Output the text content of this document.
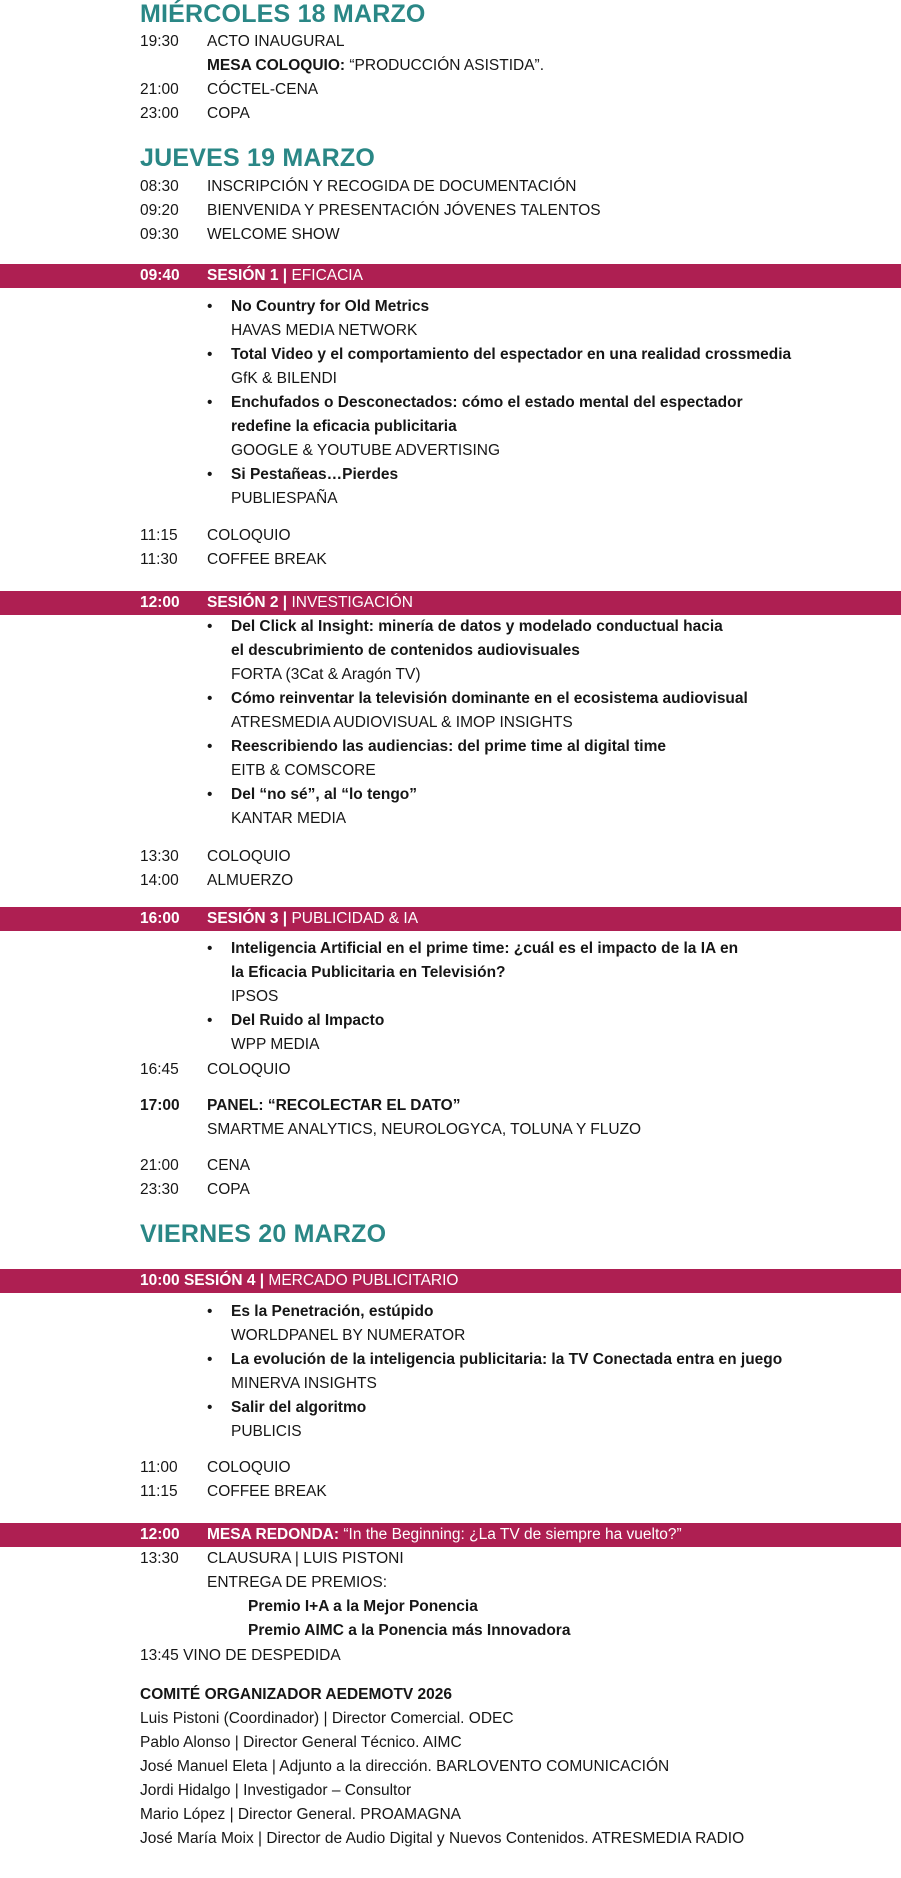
MIÉRCOLES 18 MARZO
19:30 ACTO INAUGURAL
MESA COLOQUIO: “PRODUCCIÓN ASISTIDA”.
21:00 CÓCTEL-CENA
23:00 COPA
JUEVES 19 MARZO
08:30 INSCRIPCIÓN Y RECOGIDA DE DOCUMENTACIÓN
09:20 BIENVENIDA Y PRESENTACIÓN JÓVENES TALENTOS
09:30 WELCOME SHOW
09:40 SESIÓN 1 | EFICACIA
• No Country for Old Metrics
HAVAS MEDIA NETWORK
• Total Video y el comportamiento del espectador en una realidad crossmedia
GfK & BILENDI
• Enchufados o Desconectados: cómo el estado mental del espectador
redefine la eficacia publicitaria
GOOGLE & YOUTUBE ADVERTISING
• Si Pestañeas…Pierdes
PUBLIESPAÑA
11:15 COLOQUIO
11:30 COFFEE BREAK
12:00 SESIÓN 2 | INVESTIGACIÓN
• Del Click al Insight: minería de datos y modelado conductual hacia
el descubrimiento de contenidos audiovisuales
FORTA (3Cat & Aragón TV)
• Cómo reinventar la televisión dominante en el ecosistema audiovisual
ATRESMEDIA AUDIOVISUAL & IMOP INSIGHTS
• Reescribiendo las audiencias: del prime time al digital time
EITB & COMSCORE
• Del “no sé”, al “lo tengo”
KANTAR MEDIA
13:30 COLOQUIO
14:00 ALMUERZO
16:00 SESIÓN 3 | PUBLICIDAD & IA
• Inteligencia Artificial en el prime time: ¿cuál es el impacto de la IA en
la Eficacia Publicitaria en Televisión?
IPSOS
• Del Ruido al Impacto
WPP MEDIA
16:45 COLOQUIO
17:00 PANEL: “RECOLECTAR EL DATO”
SMARTME ANALYTICS, NEUROLOGYCA, TOLUNA Y FLUZO
21:00 CENA
23:30 COPA
VIERNES 20 MARZO
10:00 SESIÓN 4 | MERCADO PUBLICITARIO
• Es la Penetración, estúpido
WORLDPANEL BY NUMERATOR
• La evolución de la inteligencia publicitaria: la TV Conectada entra en juego
MINERVA INSIGHTS
• Salir del algoritmo
PUBLICIS
11:00 COLOQUIO
11:15 COFFEE BREAK
12:00 MESA REDONDA: “In the Beginning: ¿La TV de siempre ha vuelto?”
13:30 CLAUSURA | LUIS PISTONI
ENTREGA DE PREMIOS:
Premio I+A a la Mejor Ponencia
Premio AIMC a la Ponencia más Innovadora
13:45 VINO DE DESPEDIDA
COMITÉ ORGANIZADOR AEDEMOTV 2026
Luis Pistoni (Coordinador) | Director Comercial. ODEC
Pablo Alonso | Director General Técnico. AIMC
José Manuel Eleta | Adjunto a la dirección. BARLOVENTO COMUNICACIÓN
Jordi Hidalgo | Investigador – Consultor
Mario López | Director General. PROAMAGNA
José María Moix | Director de Audio Digital y Nuevos Contenidos. ATRESMEDIA RADIO
